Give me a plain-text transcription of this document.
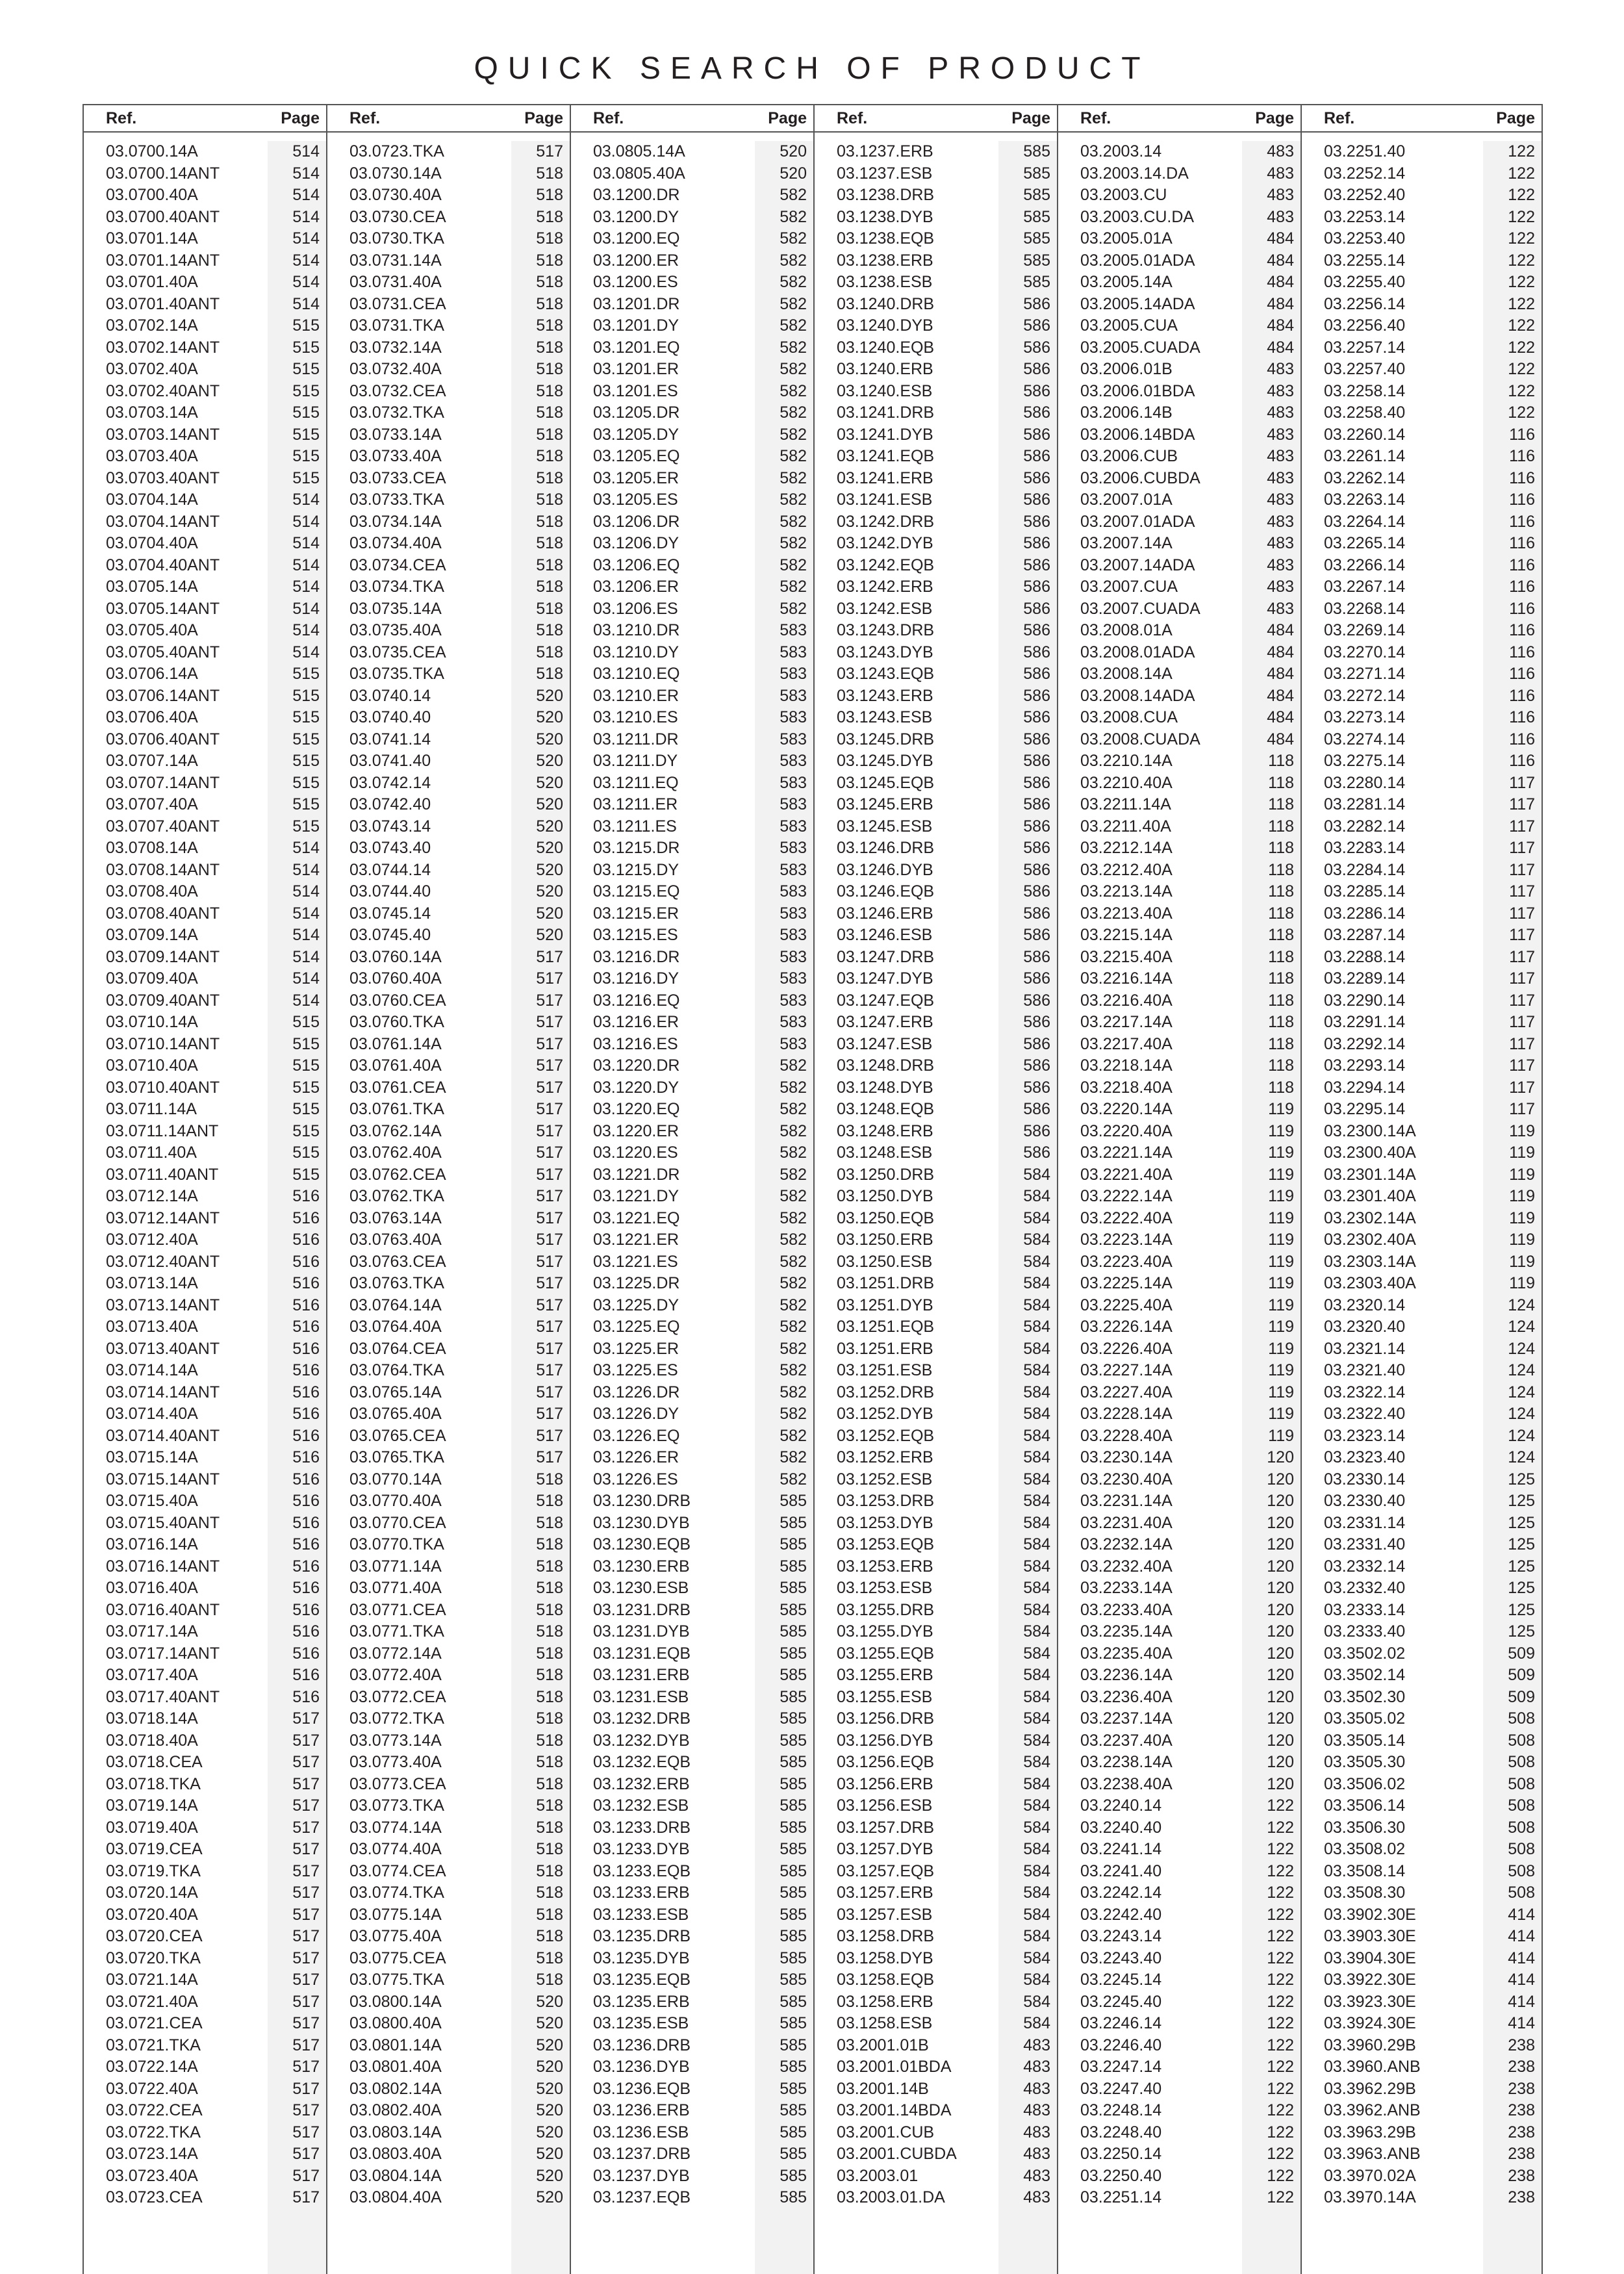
QUICK SEARCH OF PRODUCT
Ref.	Page
03.0700.14A	514
03.0700.14ANT	514
03.0700.40A	514
03.0700.40ANT	514
03.0701.14A	514
03.0701.14ANT	514
03.0701.40A	514
03.0701.40ANT	514
03.0702.14A	515
03.0702.14ANT	515
03.0702.40A	515
03.0702.40ANT	515
03.0703.14A	515
03.0703.14ANT	515
03.0703.40A	515
03.0703.40ANT	515
03.0704.14A	514
03.0704.14ANT	514
03.0704.40A	514
03.0704.40ANT	514
03.0705.14A	514
03.0705.14ANT	514
03.0705.40A	514
03.0705.40ANT	514
03.0706.14A	515
03.0706.14ANT	515
03.0706.40A	515
03.0706.40ANT	515
03.0707.14A	515
03.0707.14ANT	515
03.0707.40A	515
03.0707.40ANT	515
03.0708.14A	514
03.0708.14ANT	514
03.0708.40A	514
03.0708.40ANT	514
03.0709.14A	514
03.0709.14ANT	514
03.0709.40A	514
03.0709.40ANT	514
03.0710.14A	515
03.0710.14ANT	515
03.0710.40A	515
03.0710.40ANT	515
03.0711.14A	515
03.0711.14ANT	515
03.0711.40A	515
03.0711.40ANT	515
03.0712.14A	516
03.0712.14ANT	516
03.0712.40A	516
03.0712.40ANT	516
03.0713.14A	516
03.0713.14ANT	516
03.0713.40A	516
03.0713.40ANT	516
03.0714.14A	516
03.0714.14ANT	516
03.0714.40A	516
03.0714.40ANT	516
03.0715.14A	516
03.0715.14ANT	516
03.0715.40A	516
03.0715.40ANT	516
03.0716.14A	516
03.0716.14ANT	516
03.0716.40A	516
03.0716.40ANT	516
03.0717.14A	516
03.0717.14ANT	516
03.0717.40A	516
03.0717.40ANT	516
03.0718.14A	517
03.0718.40A	517
03.0718.CEA	517
03.0718.TKA	517
03.0719.14A	517
03.0719.40A	517
03.0719.CEA	517
03.0719.TKA	517
03.0720.14A	517
03.0720.40A	517
03.0720.CEA	517
03.0720.TKA	517
03.0721.14A	517
03.0721.40A	517
03.0721.CEA	517
03.0721.TKA	517
03.0722.14A	517
03.0722.40A	517
03.0722.CEA	517
03.0722.TKA	517
03.0723.14A	517
03.0723.40A	517
03.0723.CEA	517
Ref.	Page
03.0723.TKA	517
03.0730.14A	518
03.0730.40A	518
03.0730.CEA	518
03.0730.TKA	518
03.0731.14A	518
03.0731.40A	518
03.0731.CEA	518
03.0731.TKA	518
03.0732.14A	518
03.0732.40A	518
03.0732.CEA	518
03.0732.TKA	518
03.0733.14A	518
03.0733.40A	518
03.0733.CEA	518
03.0733.TKA	518
03.0734.14A	518
03.0734.40A	518
03.0734.CEA	518
03.0734.TKA	518
03.0735.14A	518
03.0735.40A	518
03.0735.CEA	518
03.0735.TKA	518
03.0740.14	520
03.0740.40	520
03.0741.14	520
03.0741.40	520
03.0742.14	520
03.0742.40	520
03.0743.14	520
03.0743.40	520
03.0744.14	520
03.0744.40	520
03.0745.14	520
03.0745.40	520
03.0760.14A	517
03.0760.40A	517
03.0760.CEA	517
03.0760.TKA	517
03.0761.14A	517
03.0761.40A	517
03.0761.CEA	517
03.0761.TKA	517
03.0762.14A	517
03.0762.40A	517
03.0762.CEA	517
03.0762.TKA	517
03.0763.14A	517
03.0763.40A	517
03.0763.CEA	517
03.0763.TKA	517
03.0764.14A	517
03.0764.40A	517
03.0764.CEA	517
03.0764.TKA	517
03.0765.14A	517
03.0765.40A	517
03.0765.CEA	517
03.0765.TKA	517
03.0770.14A	518
03.0770.40A	518
03.0770.CEA	518
03.0770.TKA	518
03.0771.14A	518
03.0771.40A	518
03.0771.CEA	518
03.0771.TKA	518
03.0772.14A	518
03.0772.40A	518
03.0772.CEA	518
03.0772.TKA	518
03.0773.14A	518
03.0773.40A	518
03.0773.CEA	518
03.0773.TKA	518
03.0774.14A	518
03.0774.40A	518
03.0774.CEA	518
03.0774.TKA	518
03.0775.14A	518
03.0775.40A	518
03.0775.CEA	518
03.0775.TKA	518
03.0800.14A	520
03.0800.40A	520
03.0801.14A	520
03.0801.40A	520
03.0802.14A	520
03.0802.40A	520
03.0803.14A	520
03.0803.40A	520
03.0804.14A	520
03.0804.40A	520
Ref.	Page
03.0805.14A	520
03.0805.40A	520
03.1200.DR	582
03.1200.DY	582
03.1200.EQ	582
03.1200.ER	582
03.1200.ES	582
03.1201.DR	582
03.1201.DY	582
03.1201.EQ	582
03.1201.ER	582
03.1201.ES	582
03.1205.DR	582
03.1205.DY	582
03.1205.EQ	582
03.1205.ER	582
03.1205.ES	582
03.1206.DR	582
03.1206.DY	582
03.1206.EQ	582
03.1206.ER	582
03.1206.ES	582
03.1210.DR	583
03.1210.DY	583
03.1210.EQ	583
03.1210.ER	583
03.1210.ES	583
03.1211.DR	583
03.1211.DY	583
03.1211.EQ	583
03.1211.ER	583
03.1211.ES	583
03.1215.DR	583
03.1215.DY	583
03.1215.EQ	583
03.1215.ER	583
03.1215.ES	583
03.1216.DR	583
03.1216.DY	583
03.1216.EQ	583
03.1216.ER	583
03.1216.ES	583
03.1220.DR	582
03.1220.DY	582
03.1220.EQ	582
03.1220.ER	582
03.1220.ES	582
03.1221.DR	582
03.1221.DY	582
03.1221.EQ	582
03.1221.ER	582
03.1221.ES	582
03.1225.DR	582
03.1225.DY	582
03.1225.EQ	582
03.1225.ER	582
03.1225.ES	582
03.1226.DR	582
03.1226.DY	582
03.1226.EQ	582
03.1226.ER	582
03.1226.ES	582
03.1230.DRB	585
03.1230.DYB	585
03.1230.EQB	585
03.1230.ERB	585
03.1230.ESB	585
03.1231.DRB	585
03.1231.DYB	585
03.1231.EQB	585
03.1231.ERB	585
03.1231.ESB	585
03.1232.DRB	585
03.1232.DYB	585
03.1232.EQB	585
03.1232.ERB	585
03.1232.ESB	585
03.1233.DRB	585
03.1233.DYB	585
03.1233.EQB	585
03.1233.ERB	585
03.1233.ESB	585
03.1235.DRB	585
03.1235.DYB	585
03.1235.EQB	585
03.1235.ERB	585
03.1235.ESB	585
03.1236.DRB	585
03.1236.DYB	585
03.1236.EQB	585
03.1236.ERB	585
03.1236.ESB	585
03.1237.DRB	585
03.1237.DYB	585
03.1237.EQB	585
Ref.	Page
03.1237.ERB	585
03.1237.ESB	585
03.1238.DRB	585
03.1238.DYB	585
03.1238.EQB	585
03.1238.ERB	585
03.1238.ESB	585
03.1240.DRB	586
03.1240.DYB	586
03.1240.EQB	586
03.1240.ERB	586
03.1240.ESB	586
03.1241.DRB	586
03.1241.DYB	586
03.1241.EQB	586
03.1241.ERB	586
03.1241.ESB	586
03.1242.DRB	586
03.1242.DYB	586
03.1242.EQB	586
03.1242.ERB	586
03.1242.ESB	586
03.1243.DRB	586
03.1243.DYB	586
03.1243.EQB	586
03.1243.ERB	586
03.1243.ESB	586
03.1245.DRB	586
03.1245.DYB	586
03.1245.EQB	586
03.1245.ERB	586
03.1245.ESB	586
03.1246.DRB	586
03.1246.DYB	586
03.1246.EQB	586
03.1246.ERB	586
03.1246.ESB	586
03.1247.DRB	586
03.1247.DYB	586
03.1247.EQB	586
03.1247.ERB	586
03.1247.ESB	586
03.1248.DRB	586
03.1248.DYB	586
03.1248.EQB	586
03.1248.ERB	586
03.1248.ESB	586
03.1250.DRB	584
03.1250.DYB	584
03.1250.EQB	584
03.1250.ERB	584
03.1250.ESB	584
03.1251.DRB	584
03.1251.DYB	584
03.1251.EQB	584
03.1251.ERB	584
03.1251.ESB	584
03.1252.DRB	584
03.1252.DYB	584
03.1252.EQB	584
03.1252.ERB	584
03.1252.ESB	584
03.1253.DRB	584
03.1253.DYB	584
03.1253.EQB	584
03.1253.ERB	584
03.1253.ESB	584
03.1255.DRB	584
03.1255.DYB	584
03.1255.EQB	584
03.1255.ERB	584
03.1255.ESB	584
03.1256.DRB	584
03.1256.DYB	584
03.1256.EQB	584
03.1256.ERB	584
03.1256.ESB	584
03.1257.DRB	584
03.1257.DYB	584
03.1257.EQB	584
03.1257.ERB	584
03.1257.ESB	584
03.1258.DRB	584
03.1258.DYB	584
03.1258.EQB	584
03.1258.ERB	584
03.1258.ESB	584
03.2001.01B	483
03.2001.01BDA	483
03.2001.14B	483
03.2001.14BDA	483
03.2001.CUB	483
03.2001.CUBDA	483
03.2003.01	483
03.2003.01.DA	483
Ref.	Page
03.2003.14	483
03.2003.14.DA	483
03.2003.CU	483
03.2003.CU.DA	483
03.2005.01A	484
03.2005.01ADA	484
03.2005.14A	484
03.2005.14ADA	484
03.2005.CUA	484
03.2005.CUADA	484
03.2006.01B	483
03.2006.01BDA	483
03.2006.14B	483
03.2006.14BDA	483
03.2006.CUB	483
03.2006.CUBDA	483
03.2007.01A	483
03.2007.01ADA	483
03.2007.14A	483
03.2007.14ADA	483
03.2007.CUA	483
03.2007.CUADA	483
03.2008.01A	484
03.2008.01ADA	484
03.2008.14A	484
03.2008.14ADA	484
03.2008.CUA	484
03.2008.CUADA	484
03.2210.14A	118
03.2210.40A	118
03.2211.14A	118
03.2211.40A	118
03.2212.14A	118
03.2212.40A	118
03.2213.14A	118
03.2213.40A	118
03.2215.14A	118
03.2215.40A	118
03.2216.14A	118
03.2216.40A	118
03.2217.14A	118
03.2217.40A	118
03.2218.14A	118
03.2218.40A	118
03.2220.14A	119
03.2220.40A	119
03.2221.14A	119
03.2221.40A	119
03.2222.14A	119
03.2222.40A	119
03.2223.14A	119
03.2223.40A	119
03.2225.14A	119
03.2225.40A	119
03.2226.14A	119
03.2226.40A	119
03.2227.14A	119
03.2227.40A	119
03.2228.14A	119
03.2228.40A	119
03.2230.14A	120
03.2230.40A	120
03.2231.14A	120
03.2231.40A	120
03.2232.14A	120
03.2232.40A	120
03.2233.14A	120
03.2233.40A	120
03.2235.14A	120
03.2235.40A	120
03.2236.14A	120
03.2236.40A	120
03.2237.14A	120
03.2237.40A	120
03.2238.14A	120
03.2238.40A	120
03.2240.14	122
03.2240.40	122
03.2241.14	122
03.2241.40	122
03.2242.14	122
03.2242.40	122
03.2243.14	122
03.2243.40	122
03.2245.14	122
03.2245.40	122
03.2246.14	122
03.2246.40	122
03.2247.14	122
03.2247.40	122
03.2248.14	122
03.2248.40	122
03.2250.14	122
03.2250.40	122
03.2251.14	122
Ref.	Page
03.2251.40	122
03.2252.14	122
03.2252.40	122
03.2253.14	122
03.2253.40	122
03.2255.14	122
03.2255.40	122
03.2256.14	122
03.2256.40	122
03.2257.14	122
03.2257.40	122
03.2258.14	122
03.2258.40	122
03.2260.14	116
03.2261.14	116
03.2262.14	116
03.2263.14	116
03.2264.14	116
03.2265.14	116
03.2266.14	116
03.2267.14	116
03.2268.14	116
03.2269.14	116
03.2270.14	116
03.2271.14	116
03.2272.14	116
03.2273.14	116
03.2274.14	116
03.2275.14	116
03.2280.14	117
03.2281.14	117
03.2282.14	117
03.2283.14	117
03.2284.14	117
03.2285.14	117
03.2286.14	117
03.2287.14	117
03.2288.14	117
03.2289.14	117
03.2290.14	117
03.2291.14	117
03.2292.14	117
03.2293.14	117
03.2294.14	117
03.2295.14	117
03.2300.14A	119
03.2300.40A	119
03.2301.14A	119
03.2301.40A	119
03.2302.14A	119
03.2302.40A	119
03.2303.14A	119
03.2303.40A	119
03.2320.14	124
03.2320.40	124
03.2321.14	124
03.2321.40	124
03.2322.14	124
03.2322.40	124
03.2323.14	124
03.2323.40	124
03.2330.14	125
03.2330.40	125
03.2331.14	125
03.2331.40	125
03.2332.14	125
03.2332.40	125
03.2333.14	125
03.2333.40	125
03.3502.02	509
03.3502.14	509
03.3502.30	509
03.3505.02	508
03.3505.14	508
03.3505.30	508
03.3506.02	508
03.3506.14	508
03.3506.30	508
03.3508.02	508
03.3508.14	508
03.3508.30	508
03.3902.30E	414
03.3903.30E	414
03.3904.30E	414
03.3922.30E	414
03.3923.30E	414
03.3924.30E	414
03.3960.29B	238
03.3960.ANB	238
03.3962.29B	238
03.3962.ANB	238
03.3963.29B	238
03.3963.ANB	238
03.3970.02A	238
03.3970.14A	238
